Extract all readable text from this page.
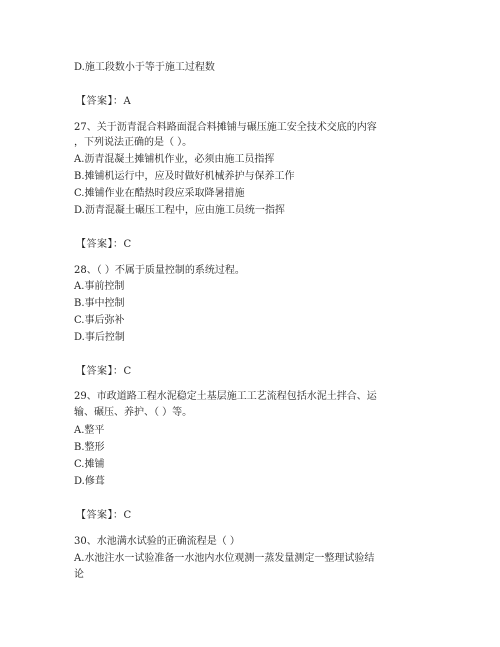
D.施工段数小于等于施工过程数
【答案】：A
27、关于沥青混合料路面混合料摊铺与碾压施工安全技术交底的内容
，下列说法正确的是（ ）。
A.沥青混凝土摊铺机作业，必须由施工员指挥
B.摊铺机运行中，应及时做好机械养护与保养工作
C.摊铺作业在酷热时段应采取降暑措施
D.沥青混凝土碾压工程中，应由施工员统一指挥
【答案】：C
28、（ ）不属于质量控制的系统过程。
A.事前控制
B.事中控制
C.事后弥补
D.事后控制
【答案】：C
29、市政道路工程水泥稳定土基层施工工艺流程包括水泥土拌合、运
输、碾压、养护、（ ）等。
A.整平
B.整形
C.摊铺
D.修葺
【答案】：C
30、水池满水试验的正确流程是（ ）
A.水池注水一试验准备一水池内水位观测一蒸发量测定一整理试验结
论
